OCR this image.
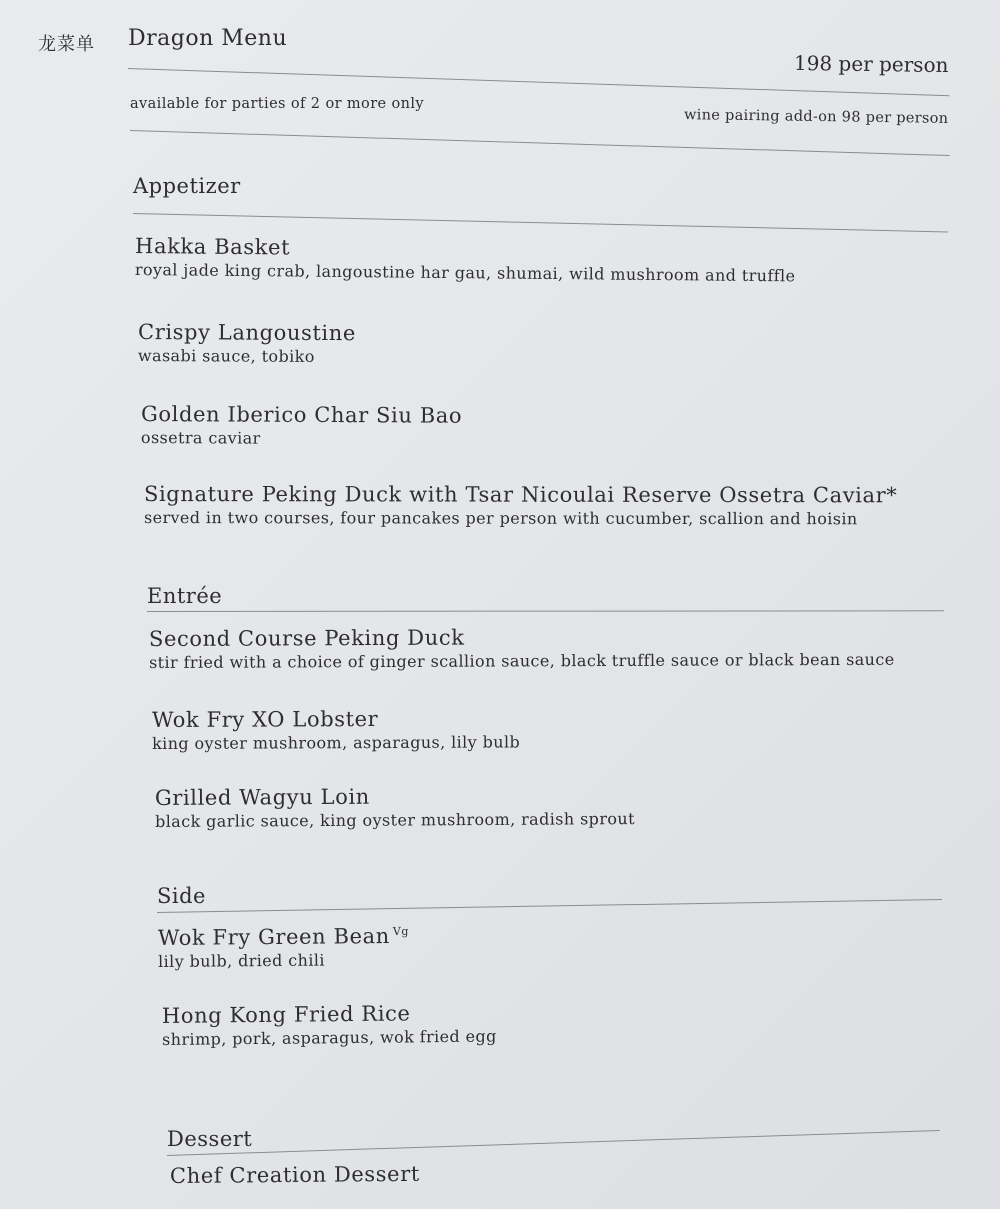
龙菜单 Dragon Menu
198 per person
available for parties of 2 or more only
wine pairing add-on 98 per person
Appetizer
Hakka Basket
royal jade king crab, langoustine har gau, shumai, wild mushroom and truffle
Crispy Langoustine
wasabi sauce, tobiko
Golden Iberico Char Siu Bao
ossetra caviar
Signature Peking Duck with Tsar Nicoulai Reserve Ossetra Caviar*
served in two courses, four pancakes per person with cucumber, scallion and hoisin
Entrée
Second Course Peking Duck
stir fried with a choice of ginger scallion sauce, black truffle sauce or black bean sauce
Wok Fry XO Lobster
king oyster mushroom, asparagus, lily bulb
Grilled Wagyu Loin
black garlic sauce, king oyster mushroom, radish sprout
Side
Wok Fry Green Bean $^{Vg}$
lily bulb, dried chili
Hong Kong Fried Rice
shrimp, pork, asparagus, wok fried egg
Dessert
Chef Creation Dessert
